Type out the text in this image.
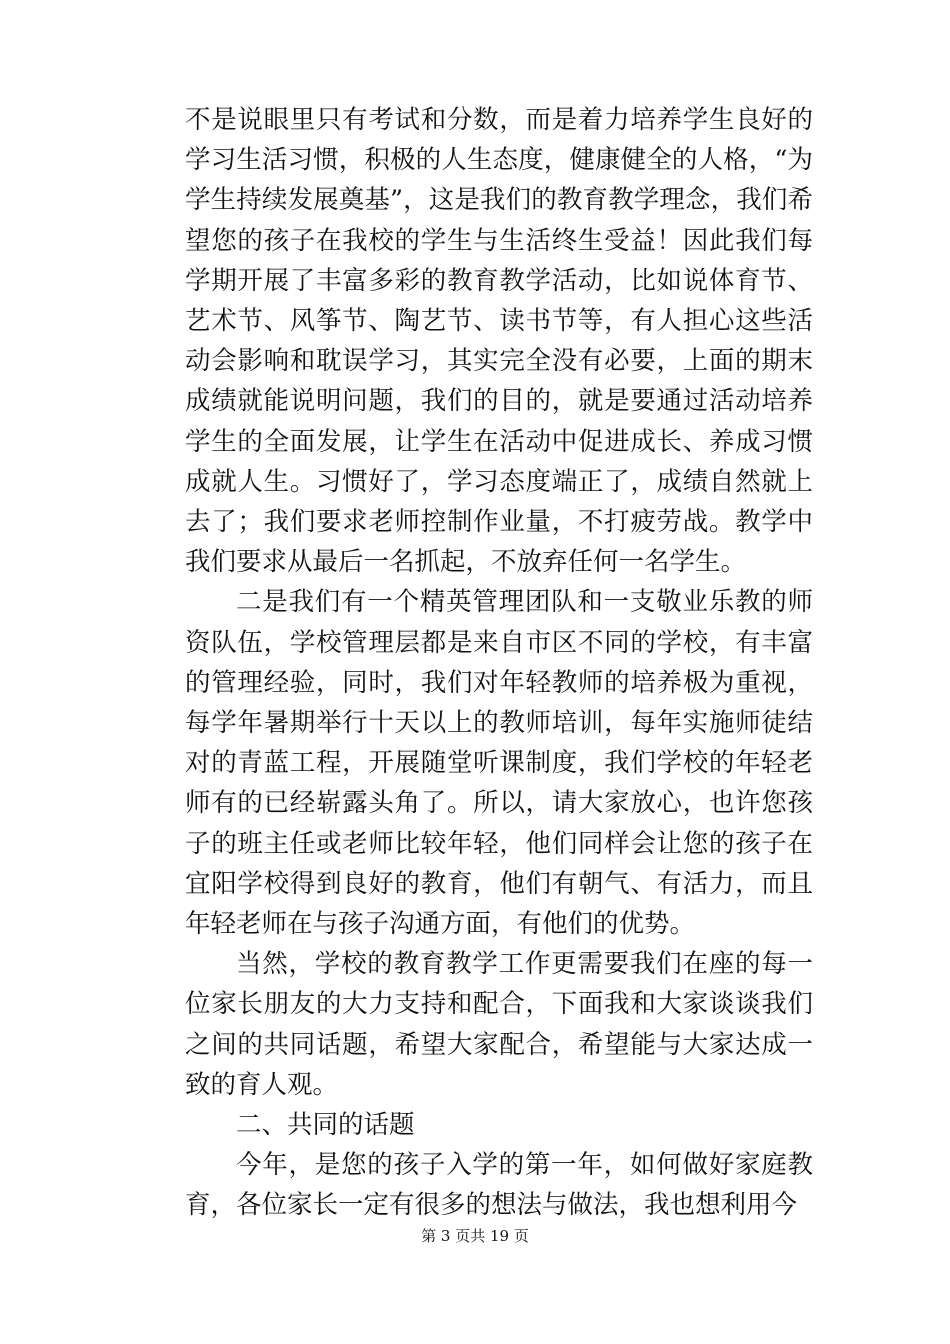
不是说眼里只有考试和分数，而是着力培养学生良好的学习生活习惯，积极的人生态度，健康健全的人格，“为学生持续发展奠基”，这是我们的教育教学理念，我们希望您的孩子在我校的学生与生活终生受益！因此我们每学期开展了丰富多彩的教育教学活动，比如说体育节、艺术节、风筝节、陶艺节、读书节等，有人担心这些活动会影响和耽误学习，其实完全没有必要，上面的期末成绩就能说明问题，我们的目的，就是要通过活动培养学生的全面发展，让学生在活动中促进成长、养成习惯成就人生。习惯好了，学习态度端正了，成绩自然就上去了；我们要求老师控制作业量，不打疲劳战。教学中我们要求从最后一名抓起，不放弃任何一名学生。

二是我们有一个精英管理团队和一支敬业乐教的师资队伍，学校管理层都是来自市区不同的学校，有丰富的管理经验，同时，我们对年轻教师的培养极为重视，每学年暑期举行十天以上的教师培训，每年实施师徒结对的青蓝工程，开展随堂听课制度，我们学校的年轻老师有的已经崭露头角了。所以，请大家放心，也许您孩子的班主任或老师比较年轻，他们同样会让您的孩子在宜阳学校得到良好的教育，他们有朝气、有活力，而且年轻老师在与孩子沟通方面，有他们的优势。

当然，学校的教育教学工作更需要我们在座的每一位家长朋友的大力支持和配合，下面我和大家谈谈我们之间的共同话题，希望大家配合，希望能与大家达成一致的育人观。

二、共同的话题

今年，是您的孩子入学的第一年，如何做好家庭教育，各位家长一定有很多的想法与做法，我也想利用今

第 3 页共 19 页
